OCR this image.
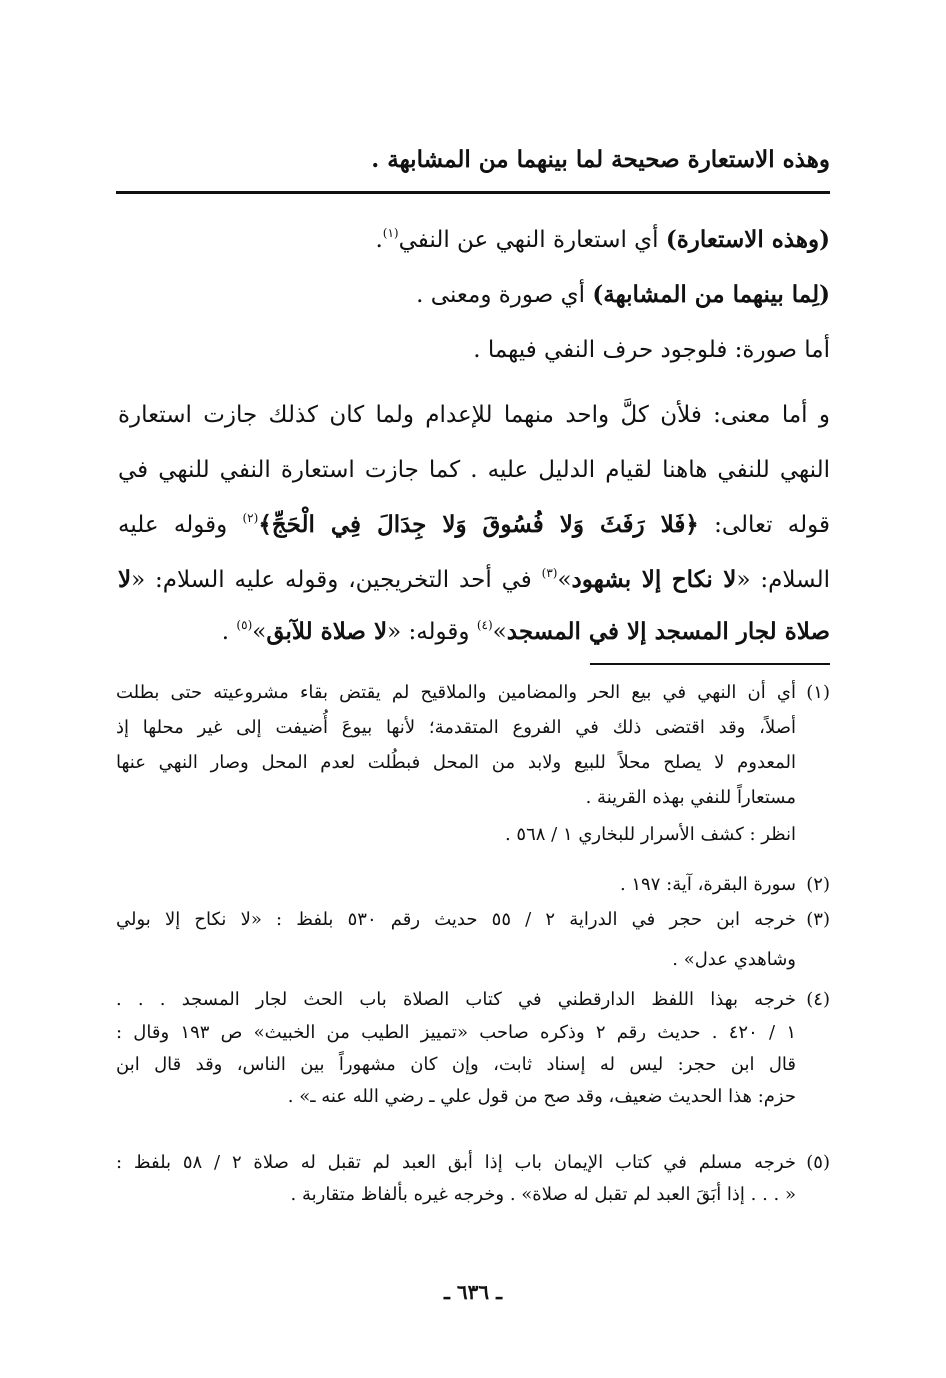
وهذه الاستعارة صحيحة لما بينهما من المشابهة .
(وهذه الاستعارة) أي استعارة النهي عن النفي$^{(١)}$.
(لِما بينهما من المشابهة) أي صورة ومعنى .
أما صورة: فلوجود حرف النفي فيهما .
و أما معنى: فلأن كلَّ واحد منهما للإعدام ولما كان كذلك جازت استعارة
النهي للنفي هاهنا لقيام الدليل عليه . كما جازت استعارة النفي للنهي في
قوله تعالى: ﴿فَلا رَفَثَ وَلا فُسُوقَ وَلا جِدَالَ فِي الْحَجِّ﴾$^{(٢)}$ وقوله عليه
السلام: «لا نكاح إلا بشهود»$^{(٣)}$ في أحد التخريجين، وقوله عليه السلام: «لا
صلاة لجار المسجد إلا في المسجد»$^{(٤)}$ وقوله: «لا صلاة للآبق»$^{(٥)}$ .
(١)
أي أن النهي في بيع الحر والمضامين والملاقيح لم يقتض بقاء مشروعيته حتى بطلت
أصلاً، وقد اقتضى ذلك في الفروع المتقدمة؛ لأنها بيوعَ أُضيفت إلى غير محلها إذ
المعدوم لا يصلح محلاً للبيع ولابد من المحل فبطُلت لعدم المحل وصار النهي عنها
مستعاراً للنفي بهذه القرينة .
انظر : كشف الأسرار للبخاري ١ / ٥٦٨ .
(٢)
سورة البقرة، آية: ١٩٧ .
(٣)
خرجه ابن حجر في الدراية ٢ / ٥٥ حديث رقم ٥٣٠ بلفظ : «لا نكاح إلا بولي
وشاهدي عدل» .
(٤)
خرجه بهذا اللفظ الدارقطني في كتاب الصلاة باب الحث لجار المسجد . . .
١ / ٤٢٠ . حديث رقم ٢ وذكره صاحب «تمييز الطيب من الخبيث» ص ١٩٣ وقال :
قال ابن حجر: ليس له إسناد ثابت، وإن كان مشهوراً بين الناس، وقد قال ابن
حزم: هذا الحديث ضعيف، وقد صح من قول علي ـ رضي الله عنه ـ» .
(٥)
خرجه مسلم في كتاب الإيمان باب إذا أبق العبد لم تقبل له صلاة ٢ / ٥٨ بلفظ :
« . . . إذا أبَقَ العبد لم تقبل له صلاة» . وخرجه غيره بألفاظ متقاربة .
ـ ٦٣٦ ـ
